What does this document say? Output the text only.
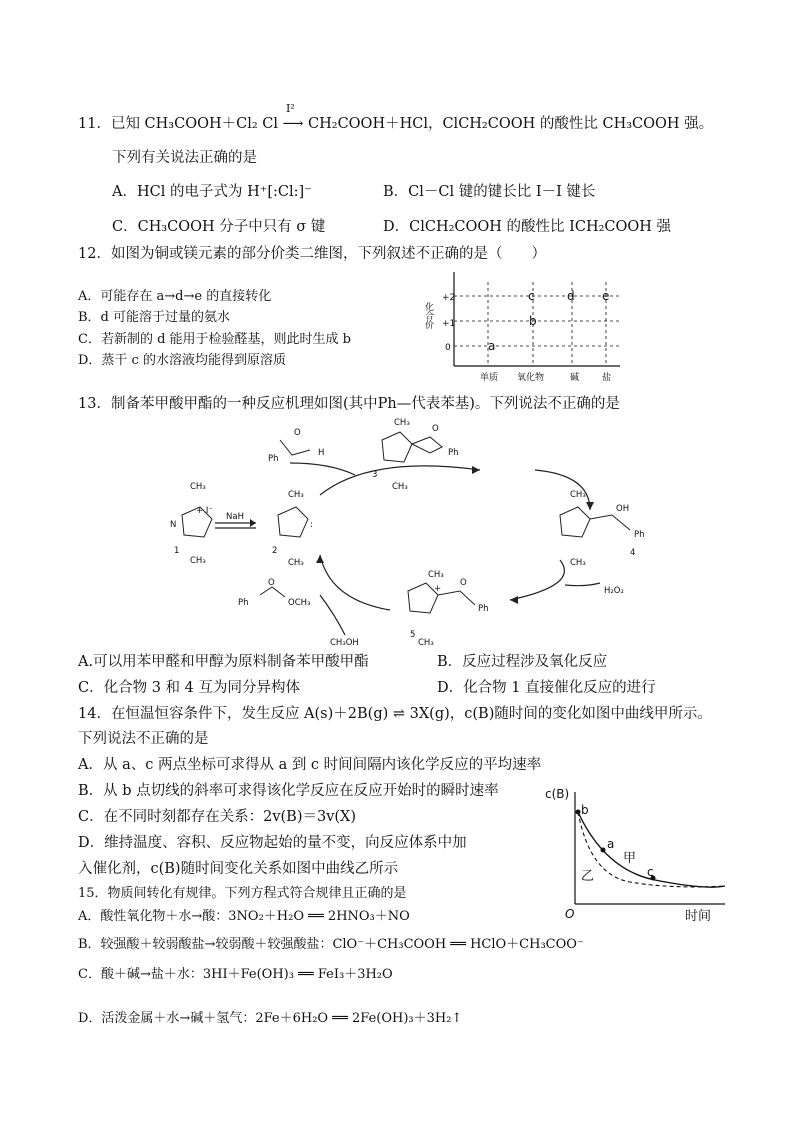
11．已知 CH₃COOH＋Cl₂ Cl ⟶ CH₂COOH＋HCl，ClCH₂COOH 的酸性比 CH₃COOH 强。
I²
下列有关说法正确的是
A．HCl 的电子式为 H⁺[:Cl:]⁻	B．Cl－Cl 键的键长比 I－I 键长
C．CH₃COOH 分子中只有 σ 键	D．ClCH₂COOH 的酸性比 ICH₂COOH 强
12．如图为铜或镁元素的部分价类二维图，下列叙述不正确的是（　　）
A．可能存在 a→d→e 的直接转化
B．d 可能溶于过量的氨水
C．若新制的 d 能用于检验醛基，则此时生成 b
D．蒸干 c 的水溶液均能得到原溶质
化合价
+2
+1
0
单质 氧化物	碱	盐
a
b
c	d e
13．制备苯甲酸甲酯的一种反应机理如图(其中Ph—代表苯基)。下列说法不正确的是
CH₃
+ I⁻
N
CH₃
1
NaH
CH₃
:
2
CH₃
Ph
O
H
CH₃
O
Ph
3
CH₃
CH₃
OH
Ph
4
CH₃
H₂O₂
CH₃
+
O
Ph
5
CH₃
O
Ph	OCH₃
CH₃OH
A.可以用苯甲醛和甲醇为原料制备苯甲酸甲酯	B．反应过程涉及氧化反应
C．化合物 3 和 4 互为同分异构体	D．化合物 1 直接催化反应的进行
14．在恒温恒容条件下，发生反应 A(s)＋2B(g) ⇌ 3X(g)，c(B)随时间的变化如图中曲线甲所示。
下列说法不正确的是
A．从 a、c 两点坐标可求得从 a 到 c 时间间隔内该化学反应的平均速率
B．从 b 点切线的斜率可求得该化学反应在反应开始时的瞬时速率
C．在不同时刻都存在关系：2v(B)＝3v(X)
D．维持温度、容积、反应物起始的量不变，向反应体系中加
入催化剂，c(B)随时间变化关系如图中曲线乙所示
c(B)
时间
O
b
a
c
甲
乙
15．物质间转化有规律。下列方程式符合规律且正确的是
A．酸性氧化物＋水→酸：3NO₂＋H₂O ══ 2HNO₃＋NO
B．较强酸＋较弱酸盐→较弱酸＋较强酸盐：ClO⁻＋CH₃COOH ══ HClO＋CH₃COO⁻
C．酸＋碱→盐＋水：3HI＋Fe(OH)₃ ══ FeI₃＋3H₂O
D．活泼金属＋水→碱＋氢气：2Fe＋6H₂O ══ 2Fe(OH)₃＋3H₂↑
